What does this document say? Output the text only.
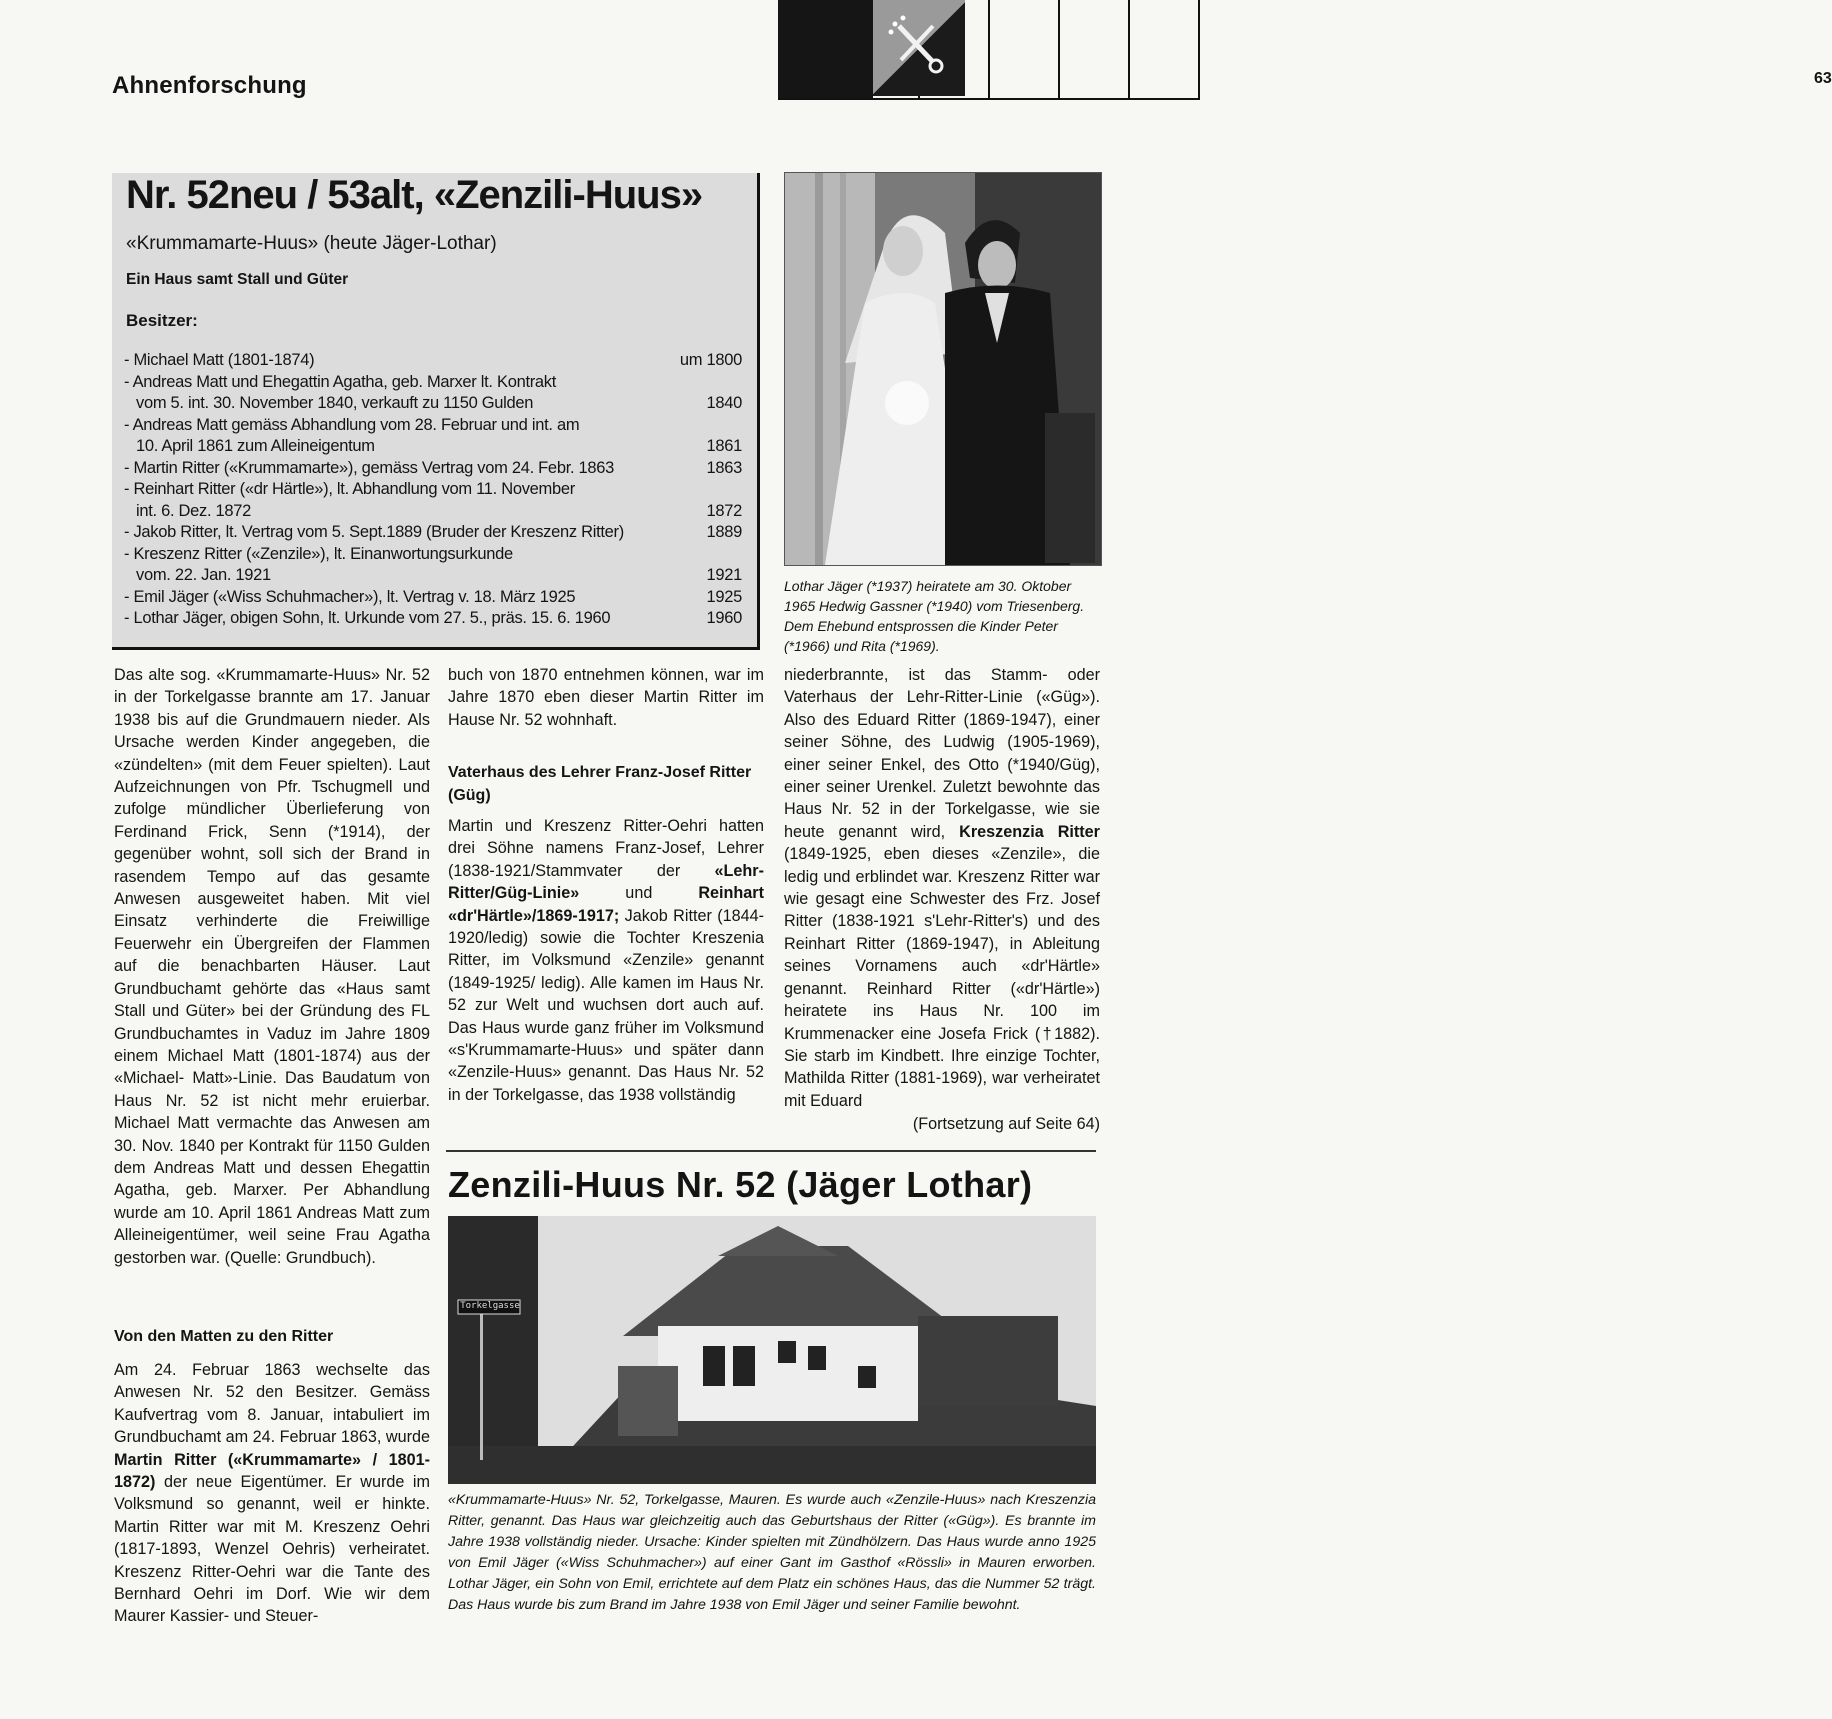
Ahnenforschung	63
Nr. 52neu / 53alt, «Zenzili-Huus»
«Krummamarte-Huus» (heute Jäger-Lothar)
Ein Haus samt Stall und Güter
Besitzer:
- Michael Matt (1801-1874)	um 1800
- Andreas Matt und Ehegattin Agatha, geb. Marxer lt. Kontrakt
vom 5. int. 30. November 1840, verkauft zu 1150 Gulden	1840
- Andreas Matt gemäss Abhandlung vom 28. Februar und int. am
10. April 1861 zum Alleineigentum	1861
- Martin Ritter («Krummamarte»), gemäss Vertrag vom 24. Febr. 1863	1863
- Reinhart Ritter («dr Härtle»), lt. Abhandlung vom 11. November
int. 6. Dez. 1872	1872
- Jakob Ritter, lt. Vertrag vom 5. Sept.1889 (Bruder der Kreszenz Ritter)	1889
- Kreszenz Ritter («Zenzile»), lt. Einanwortungsurkunde
vom. 22. Jan. 1921	1921
- Emil Jäger («Wiss Schuhmacher»), lt. Vertrag v. 18. März 1925	1925
- Lothar Jäger, obigen Sohn, lt. Urkunde vom 27. 5., präs. 15. 6. 1960	1960
Lothar Jäger (*1937) heiratete am 30. Oktober 1965 Hedwig Gassner (*1940) vom Triesenberg. Dem Ehebund entsprossen die Kinder Peter (*1966) und Rita (*1969).

Das alte sog. «Krummamarte-Huus» Nr. 52 in der Torkelgasse brannte am 17. Januar 1938 bis auf die Grundmauern nieder. Als Ursache werden Kinder angegeben, die «zündelten» (mit dem Feuer spielten). Laut Aufzeichnungen von Pfr. Tschugmell und zufolge mündlicher Überlieferung von Ferdinand Frick, Senn (*1914), der gegenüber wohnt, soll sich der Brand in rasendem Tempo auf das gesamte Anwesen ausgeweitet haben. Mit viel Einsatz verhinderte die Freiwillige Feuerwehr ein Übergreifen der Flammen auf die benachbarten Häuser. Laut Grundbuchamt gehörte das «Haus samt Stall und Güter» bei der Gründung des FL Grundbuchamtes in Vaduz im Jahre 1809 einem Michael Matt (1801-1874) aus der «Michael- Matt»-Linie. Das Baudatum von Haus Nr. 52 ist nicht mehr eruierbar. Michael Matt vermachte das Anwesen am 30. Nov. 1840 per Kontrakt für 1150 Gulden dem Andreas Matt und dessen Ehegattin Agatha, geb. Marxer. Per Abhandlung wurde am 10. April 1861 Andreas Matt zum Alleineigentümer, weil seine Frau Agatha gestorben war. (Quelle: Grundbuch).

Von den Matten zu den Ritter

Am 24. Februar 1863 wechselte das Anwesen Nr. 52 den Besitzer. Gemäss Kaufvertrag vom 8. Januar, intabuliert im Grundbuchamt am 24. Februar 1863, wurde Martin Ritter («Krummamarte» / 1801-1872) der neue Eigentümer. Er wurde im Volksmund so genannt, weil er hinkte. Martin Ritter war mit M. Kreszenz Oehri (1817-1893, Wenzel Oehris) verheiratet. Kreszenz Ritter-Oehri war die Tante des Bernhard Oehri im Dorf. Wie wir dem Maurer Kassier- und Steuer-

buch von 1870 entnehmen können, war im Jahre 1870 eben dieser Martin Ritter im Hause Nr. 52 wohnhaft.

Vaterhaus des Lehrer Franz-Josef Ritter (Güg)

Martin und Kreszenz Ritter-Oehri hatten drei Söhne namens Franz-Josef, Lehrer (1838-1921/Stammvater der «Lehr-Ritter/Güg-Linie» und Reinhart «dr'Härtle»/1869-1917; Jakob Ritter (1844-1920/ledig) sowie die Tochter Kreszenia Ritter, im Volksmund «Zenzile» genannt (1849-1925/ ledig). Alle kamen im Haus Nr. 52 zur Welt und wuchsen dort auch auf. Das Haus wurde ganz früher im Volksmund «s'Krummamarte-Huus» und später dann «Zenzile-Huus» genannt. Das Haus Nr. 52 in der Torkelgasse, das 1938 vollständig

niederbrannte, ist das Stamm- oder Vaterhaus der Lehr-Ritter-Linie («Güg»). Also des Eduard Ritter (1869-1947), einer seiner Söhne, des Ludwig (1905-1969), einer seiner Enkel, des Otto (*1940/Güg), einer seiner Urenkel. Zuletzt bewohnte das Haus Nr. 52 in der Torkelgasse, wie sie heute genannt wird, Kreszenzia Ritter (1849-1925, eben dieses «Zenzile», die ledig und erblindet war. Kreszenz Ritter war wie gesagt eine Schwester des Frz. Josef Ritter (1838-1921 s'Lehr-Ritter's) und des Reinhart Ritter (1869-1947), in Ableitung seines Vornamens auch «dr'Härtle» genannt. Reinhard Ritter («dr'Härtle») heiratete ins Haus Nr. 100 im Krummenacker eine Josefa Frick (†1882). Sie starb im Kindbett. Ihre einzige Tochter, Mathilda Ritter (1881-1969), war verheiratet mit Eduard

(Fortsetzung auf Seite 64)
Zenzili-Huus Nr. 52 (Jäger Lothar)
Torkelgasse
«Krummamarte-Huus» Nr. 52, Torkelgasse, Mauren. Es wurde auch «Zenzile-Huus» nach Kreszenzia Ritter, genannt. Das Haus war gleichzeitig auch das Geburtshaus der Ritter («Güg»). Es brannte im Jahre 1938 vollständig nieder. Ursache: Kinder spielten mit Zündhölzern. Das Haus wurde anno 1925 von Emil Jäger («Wiss Schuhmacher») auf einer Gant im Gasthof «Rössli» in Mauren erworben. Lothar Jäger, ein Sohn von Emil, errichtete auf dem Platz ein schönes Haus, das die Nummer 52 trägt. Das Haus wurde bis zum Brand im Jahre 1938 von Emil Jäger und seiner Familie bewohnt.
